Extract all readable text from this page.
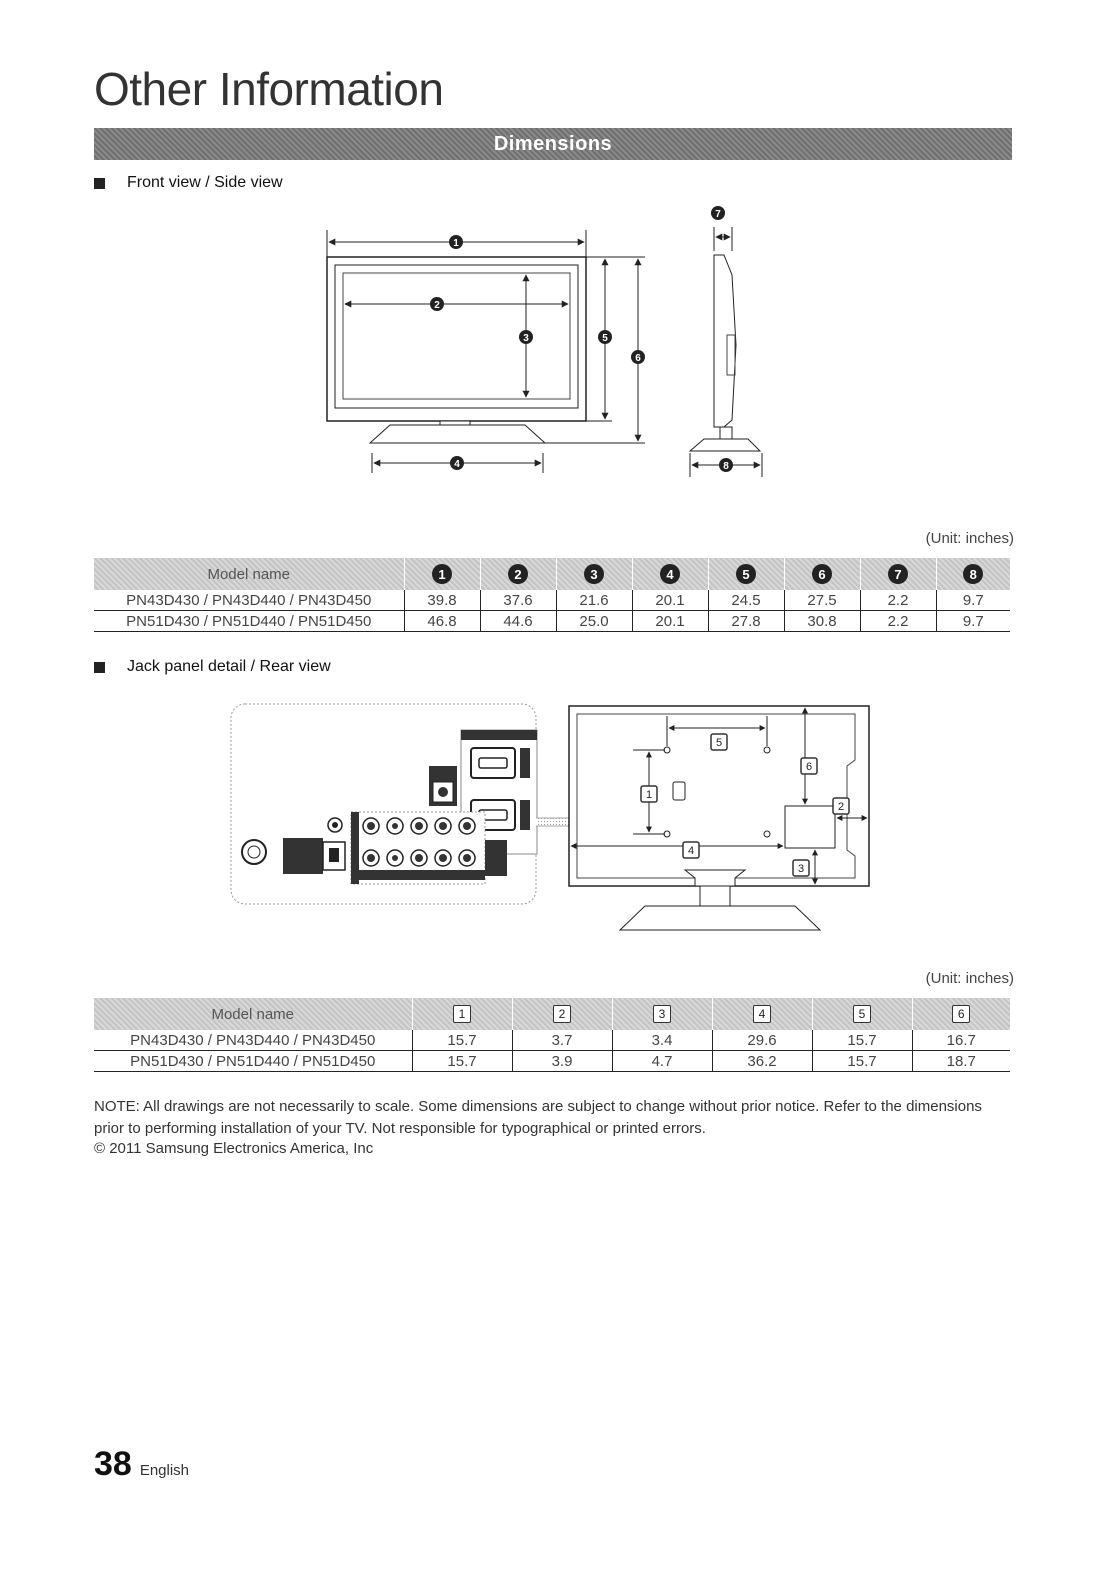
Other Information
Dimensions
Front view / Side view
1
2
3
4
5
6
7
8
(Unit: inches)
Model name	1	2	3	4	5	6	7	8
PN43D430 / PN43D440 / PN43D450	39.8	37.6	21.6	20.1	24.5	27.5	2.2	9.7
PN51D430 / PN51D440 / PN51D450	46.8	44.6	25.0	20.1	27.8	30.8	2.2	9.7
Jack panel detail / Rear view
5
1
4
6
2
3
(Unit: inches)
Model name	1	2	3	4	5	6
PN43D430 / PN43D440 / PN43D450	15.7	3.7	3.4	29.6	15.7	16.7
PN51D430 / PN51D440 / PN51D450	15.7	3.9	4.7	36.2	15.7	18.7

NOTE: All drawings are not necessarily to scale. Some dimensions are subject to change without prior notice. Refer to the dimensions prior to performing installation of your TV. Not responsible for typographical or printed errors.

© 2011 Samsung Electronics America, Inc
38 English
